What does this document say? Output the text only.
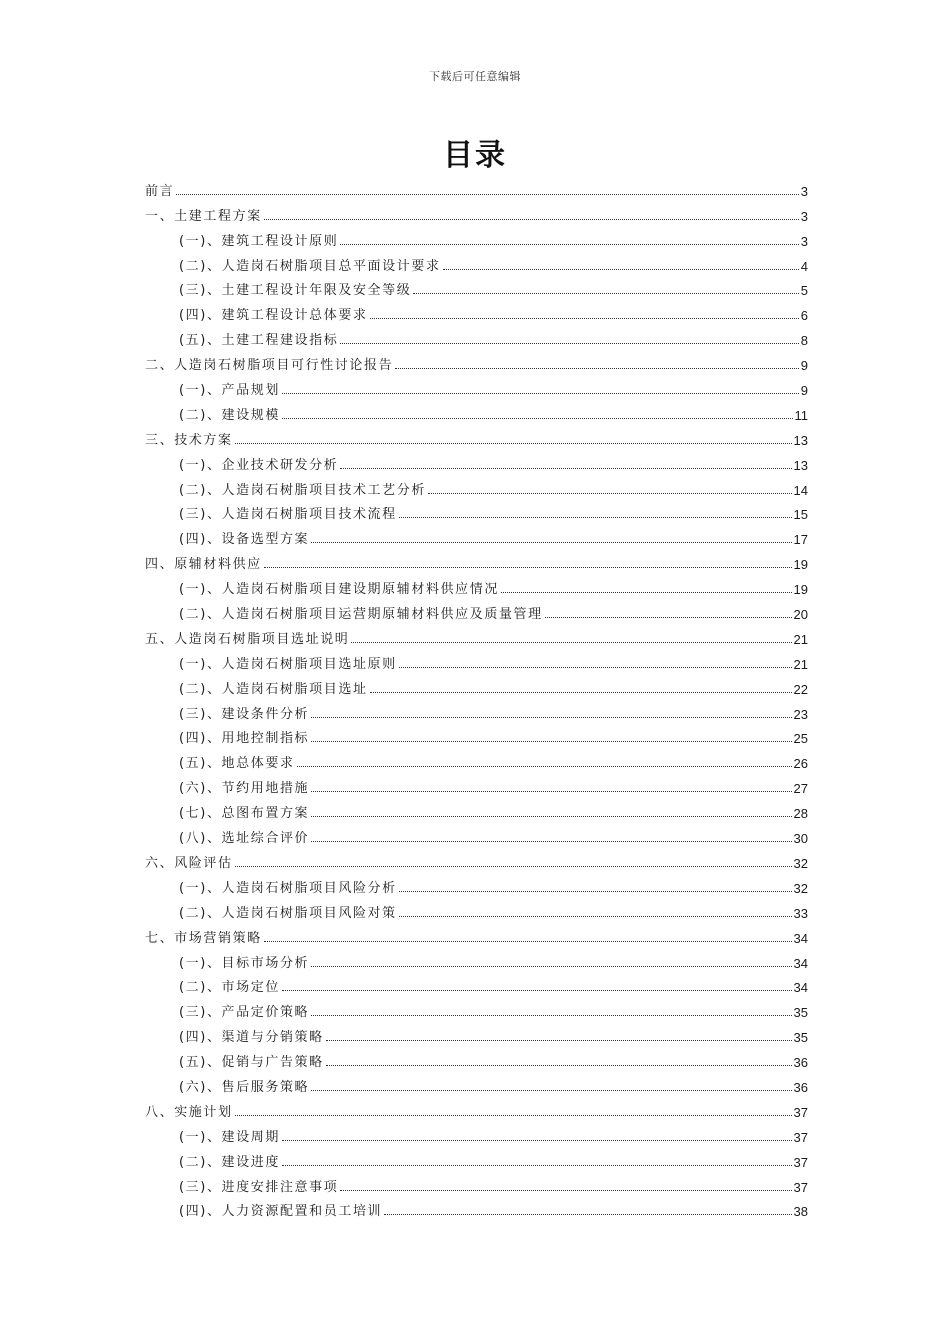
下载后可任意编辑
目录
前言	3
一、土建工程方案	3
(一)、建筑工程设计原则	3
(二)、人造岗石树脂项目总平面设计要求	4
(三)、土建工程设计年限及安全等级	5
(四)、建筑工程设计总体要求	6
(五)、土建工程建设指标	8
二、人造岗石树脂项目可行性讨论报告	9
(一)、产品规划	9
(二)、建设规模	11
三、技术方案	13
(一)、企业技术研发分析	13
(二)、人造岗石树脂项目技术工艺分析	14
(三)、人造岗石树脂项目技术流程	15
(四)、设备选型方案	17
四、原辅材料供应	19
(一)、人造岗石树脂项目建设期原辅材料供应情况	19
(二)、人造岗石树脂项目运营期原辅材料供应及质量管理	20
五、人造岗石树脂项目选址说明	21
(一)、人造岗石树脂项目选址原则	21
(二)、人造岗石树脂项目选址	22
(三)、建设条件分析	23
(四)、用地控制指标	25
(五)、地总体要求	26
(六)、节约用地措施	27
(七)、总图布置方案	28
(八)、选址综合评价	30
六、风险评估	32
(一)、人造岗石树脂项目风险分析	32
(二)、人造岗石树脂项目风险对策	33
七、市场营销策略	34
(一)、目标市场分析	34
(二)、市场定位	34
(三)、产品定价策略	35
(四)、渠道与分销策略	35
(五)、促销与广告策略	36
(六)、售后服务策略	36
八、实施计划	37
(一)、建设周期	37
(二)、建设进度	37
(三)、进度安排注意事项	37
(四)、人力资源配置和员工培训	38
